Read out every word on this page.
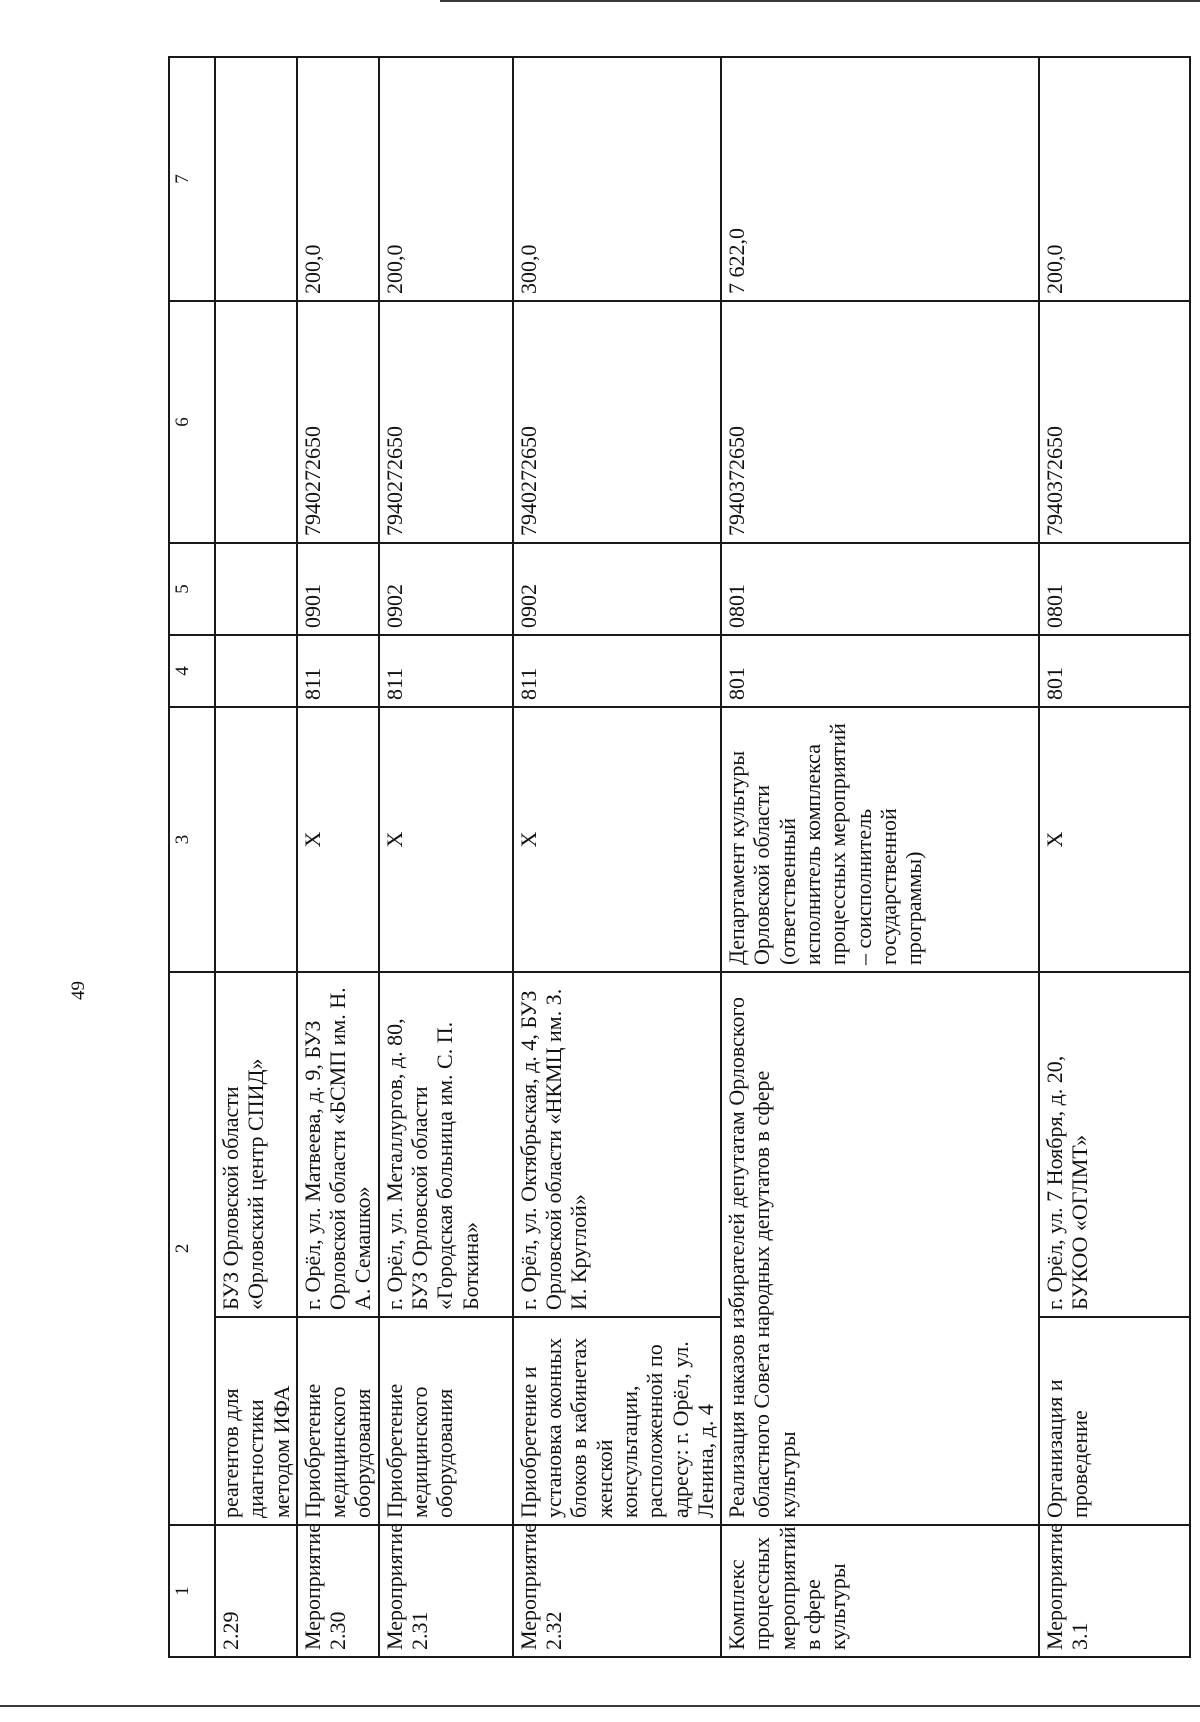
49
1	2		3	4	5	6	7
2.29	реагентов для диагностики методом ИФА	БУЗ Орловской области «Орловский центр СПИД»					
Мероприятие 2.30	Приобретение медицинского оборудования	г. Орёл, ул. Матвеева, д. 9, БУЗ Орловской области «БСМП им. Н. А. Семашко»	X	811	0901	7940272650	200,0
Мероприятие 2.31	Приобретение медицинского оборудования	г. Орёл, ул. Металлургов, д. 80, БУЗ Орловской области «Городская больница им. С. П. Боткина»	X	811	0902	7940272650	200,0
Мероприятие 2.32	Приобретение и установка оконных блоков в кабинетах женской консультации, расположенной по адресу: г. Орёл, ул. Ленина, д. 4	г. Орёл, ул. Октябрьская, д. 4, БУЗ Орловской области «НКМЦ им. З. И. Круглой»	X	811	0902	7940272650	300,0
Комплекс процессных мероприятий в сфере культуры	Реализация наказов избирателей депутатам Орловского областного Совета народных депутатов в сфере культуры		Департамент культуры Орловской области (ответственный исполнитель комплекса процессных мероприятий – соисполнитель государственной программы)	801	0801	7940372650	7 622,0
Мероприятие 3.1	Организация и проведение	г. Орёл, ул. 7 Ноября, д. 20, БУКОО «ОГЛМТ»	X	801	0801	7940372650	200,0
